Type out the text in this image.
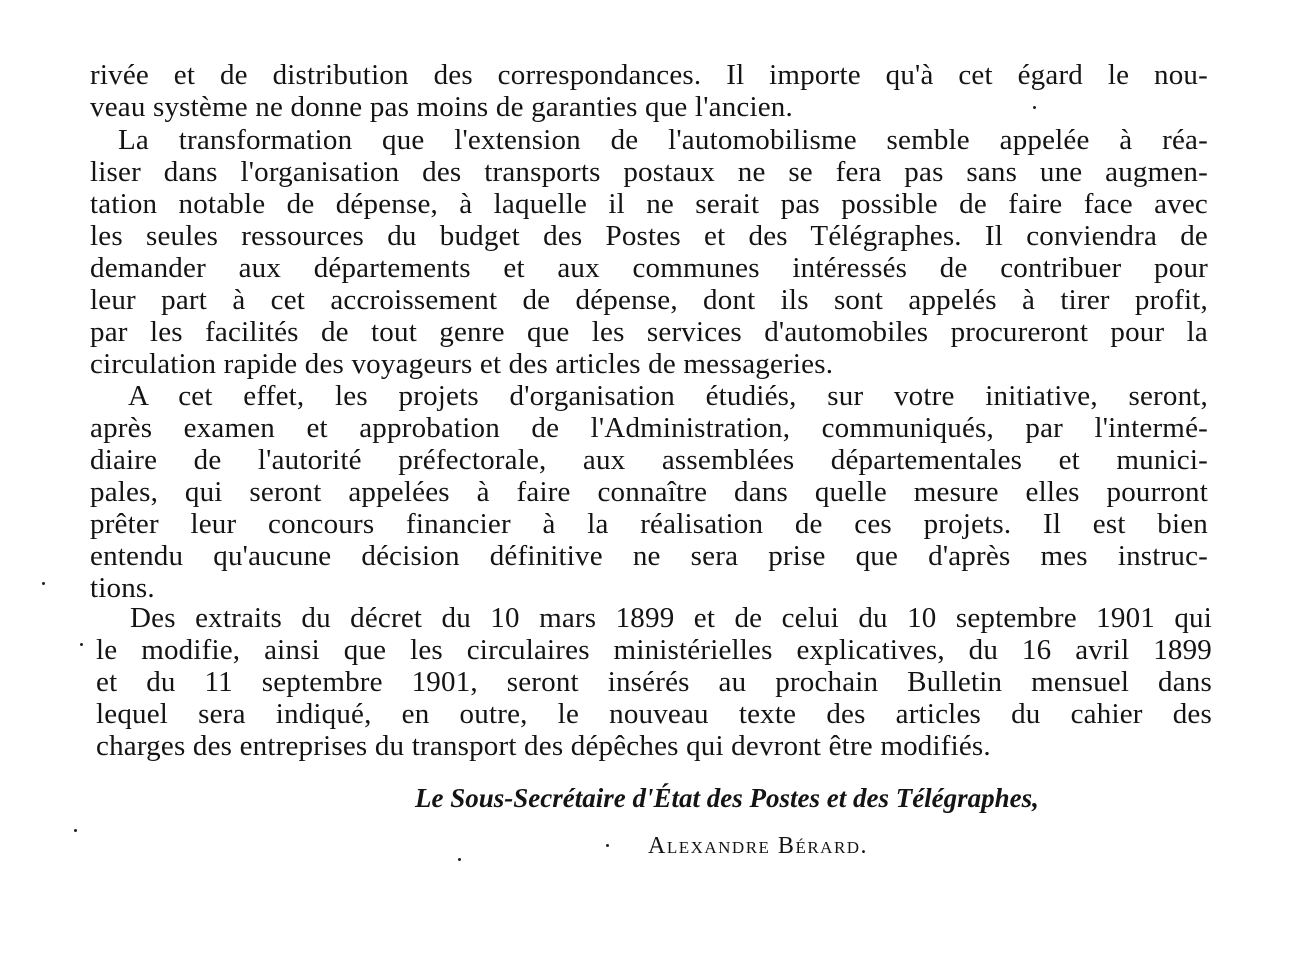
rivée et de distribution des correspondances. Il importe qu'à cet égard le nou-
veau système ne donne pas moins de garanties que l'ancien.
La transformation que l'extension de l'automobilisme semble appelée à réa-
liser dans l'organisation des transports postaux ne se fera pas sans une augmen-
tation notable de dépense, à laquelle il ne serait pas possible de faire face avec
les seules ressources du budget des Postes et des Télégraphes. Il conviendra de
demander aux départements et aux communes intéressés de contribuer pour
leur part à cet accroissement de dépense, dont ils sont appelés à tirer profit,
par les facilités de tout genre que les services d'automobiles procureront pour la
circulation rapide des voyageurs et des articles de messageries.
A cet effet, les projets d'organisation étudiés, sur votre initiative, seront,
après examen et approbation de l'Administration, communiqués, par l'intermé-
diaire de l'autorité préfectorale, aux assemblées départementales et munici-
pales, qui seront appelées à faire connaître dans quelle mesure elles pourront
prêter leur concours financier à la réalisation de ces projets. Il est bien
entendu qu'aucune décision définitive ne sera prise que d'après mes instruc-
tions.
Des extraits du décret du 10 mars 1899 et de celui du 10 septembre 1901 qui
le modifie, ainsi que les circulaires ministérielles explicatives, du 16 avril 1899
et du 11 septembre 1901, seront insérés au prochain Bulletin mensuel dans
lequel sera indiqué, en outre, le nouveau texte des articles du cahier des
charges des entreprises du transport des dépêches qui devront être modifiés.
Le Sous-Secrétaire d'État des Postes et des Télégraphes,
Alexandre Bérard.
